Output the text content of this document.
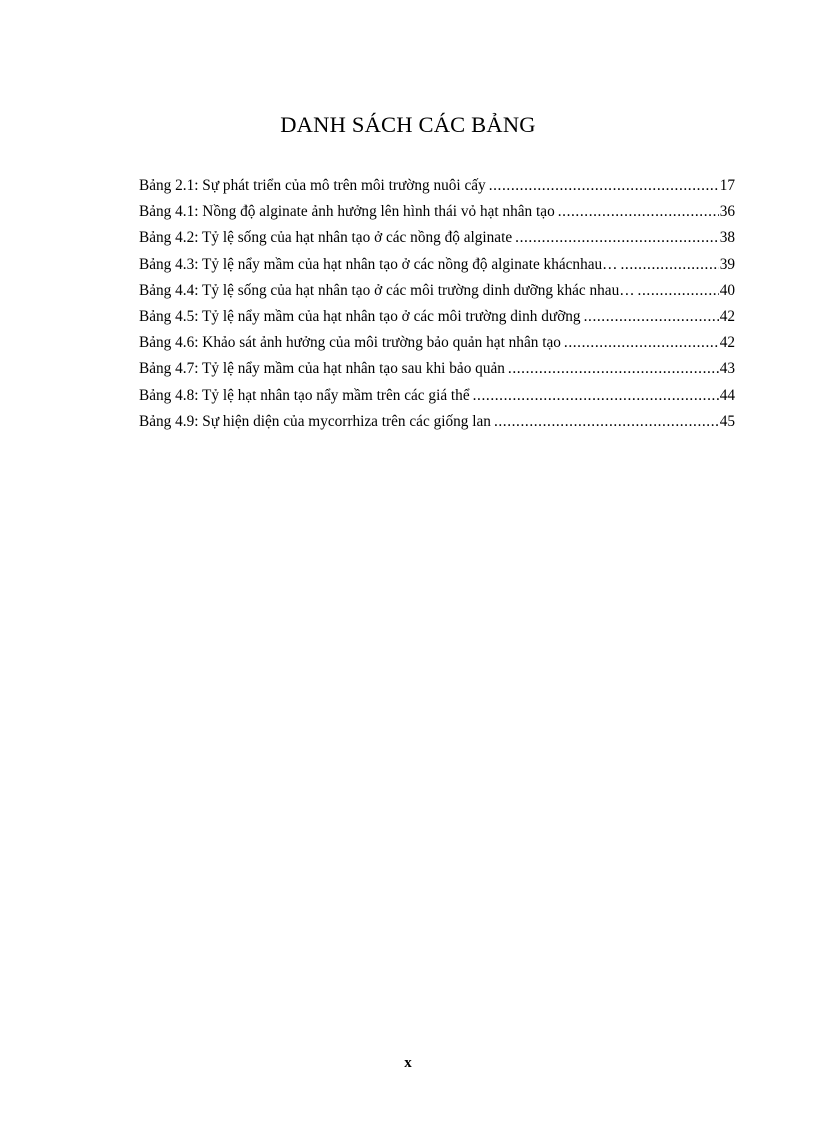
DANH SÁCH CÁC BẢNG
Bảng 2.1: Sự phát triển của mô trên môi trường nuôi cấy .....	17
Bảng 4.1: Nồng độ alginate ảnh hưởng lên hình thái vỏ hạt nhân tạo .....	36
Bảng 4.2: Tỷ lệ sống của hạt nhân tạo ở các nồng độ alginate .....	38
Bảng 4.3: Tỷ lệ nẩy mầm của hạt nhân tạo ở các nồng độ alginate khácnhau… .....	39
Bảng 4.4: Tỷ lệ sống của hạt nhân tạo ở các môi trường dinh dưỡng khác nhau… .....	40
Bảng 4.5: Tỷ lệ nẩy mầm của hạt nhân tạo ở các môi trường dinh dưỡng .....	42
Bảng 4.6: Khảo sát ảnh hưởng của môi trường bảo quản hạt nhân tạo .....	42
Bảng 4.7: Tỷ lệ nẩy mầm của hạt nhân tạo sau khi bảo quản .....	43
Bảng 4.8: Tỷ lệ hạt nhân tạo nẩy mầm trên các giá thể .....	44
Bảng 4.9: Sự hiện diện của mycorrhiza trên các giống lan .....	45
x
